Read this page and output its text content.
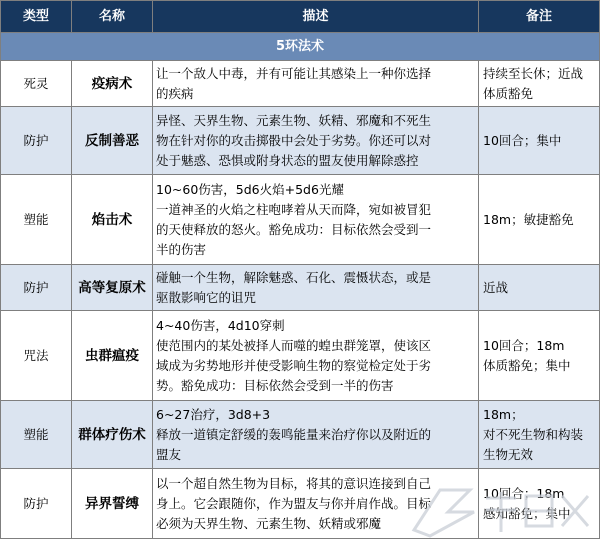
类型	名称	描述	备注
5环法术			
死灵	疫病术	让一个敌人中毒，并有可能让其感染上一种你选择
的疾病	持续至长休；近战
体质豁免

防护	反制善恶	异怪、天界生物、元素生物、妖精、邪魔和不死生
物在针对你的攻击掷骰中会处于劣势。你还可以对
处于魅惑、恐惧或附身状态的盟友使用解除惑控	10回合；集中

塑能	焰击术	10~60伤害，5d6火焰+5d6光耀
一道神圣的火焰之柱咆哮着从天而降，宛如被冒犯
的天使释放的怒火。豁免成功：目标依然会受到一
半的伤害	18m；敏捷豁免

防护	高等复原术	碰触一个生物，解除魅惑、石化、震慑状态，或是
驱散影响它的诅咒	近战

咒法	虫群瘟疫	4~40伤害，4d10穿刺
使范围内的某处被择人而噬的蝗虫群笼罩，使该区
域成为劣势地形并使受影响生物的察觉检定处于劣
势。豁免成功：目标依然会受到一半的伤害	10回合；18m
体质豁免；集中

塑能	群体疗伤术	6~27治疗，3d8+3
释放一道镇定舒缓的轰鸣能量来治疗你以及附近的
盟友	18m；
对不死生物和构装
生物无效

防护	异界誓缚	以一个超自然生物为目标，将其的意识连接到自己
身上。它会跟随你，作为盟友与你并肩作战。目标
必须为天界生物、元素生物、妖精或邪魔	10回合；18m
感知豁免；集中
